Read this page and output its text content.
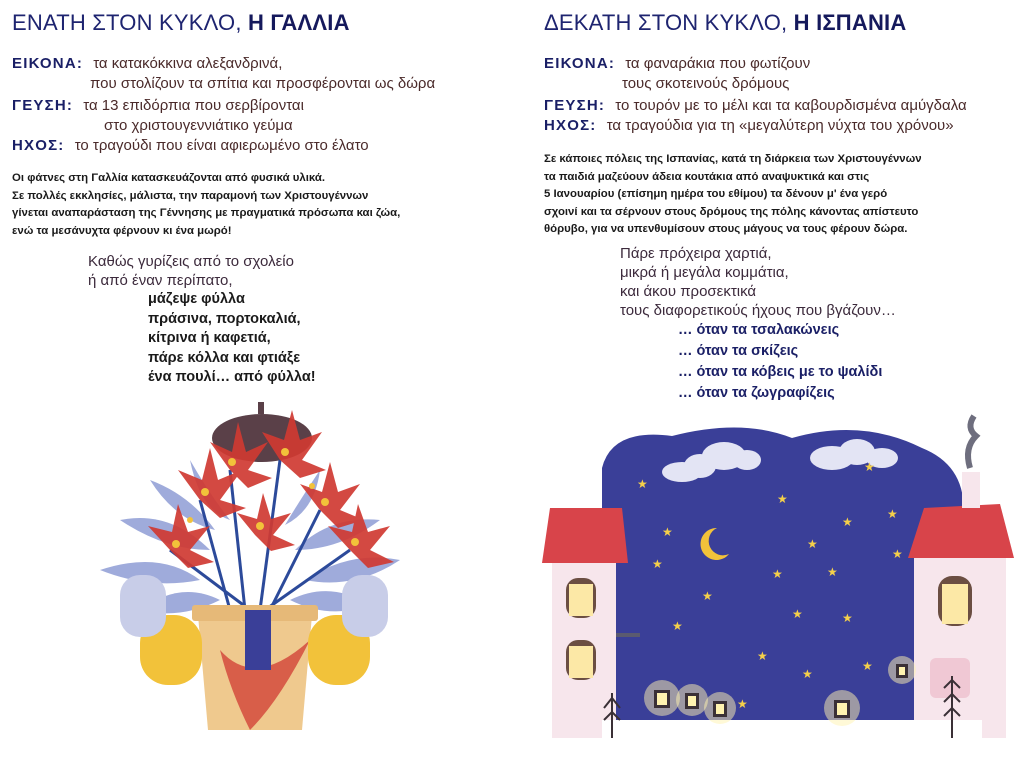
ΕΝΑΤΗ ΣΤΟΝ ΚΥΚΛΟ, Η ΓΑΛΛΙΑ
ΕΙΚΟΝΑ: τα κατακόκκινα αλεξανδρινά,
που στολίζουν τα σπίτια και προσφέρονται ως δώρα
ΓΕΥΣΗ: τα 13 επιδόρπια που σερβίρονται
στο χριστουγεννιάτικο γεύμα
ΗΧΟΣ: το τραγούδι που είναι αφιερωμένο στο έλατο
Οι φάτνες στη Γαλλία κατασκευάζονται από φυσικά υλικά.
Σε πολλές εκκλησίες, μάλιστα, την παραμονή των Χριστουγέννων
γίνεται αναπαράσταση της Γέννησης με πραγματικά πρόσωπα και ζώα,
ενώ τα μεσάνυχτα φέρνουν κι ένα μωρό!
Καθώς γυρίζεις από το σχολείο
ή από έναν περίπατο,
μάζεψε φύλλα
πράσινα, πορτοκαλιά,
κίτρινα ή καφετιά,
πάρε κόλλα και φτιάξε
ένα πουλί… από φύλλα!
ΔΕΚΑΤΗ ΣΤΟΝ ΚΥΚΛΟ, Η ΙΣΠΑΝΙΑ
ΕΙΚΟΝΑ: τα φαναράκια που φωτίζουν
τους σκοτεινούς δρόμους
ΓΕΥΣΗ: το τουρόν με το μέλι και τα καβουρδισμένα αμύγδαλα
ΗΧΟΣ: τα τραγούδια για τη «μεγαλύτερη νύχτα του χρόνου»
Σε κάποιες πόλεις της Ισπανίας, κατά τη διάρκεια των Χριστουγέννων
τα παιδιά μαζεύουν άδεια κουτάκια από αναψυκτικά και στις
5 Ιανουαρίου (επίσημη ημέρα του εθίμου) τα δένουν μ' ένα γερό
σχοινί και τα σέρνουν στους δρόμους της πόλης κάνοντας απίστευτο
θόρυβο, για να υπενθυμίσουν στους μάγους να τους φέρουν δώρα.
Πάρε πρόχειρα χαρτιά,
μικρά ή μεγάλα κομμάτια,
και άκου προσεκτικά
τους διαφορετικούς ήχους που βγάζουν…
… όταν τα τσαλακώνεις
… όταν τα σκίζεις
… όταν τα κόβεις με το ψαλίδι
… όταν τα ζωγραφίζεις
★
★
★
★
★
★
★
★	★
★
★
★
★
★
★
★
★
★
★
